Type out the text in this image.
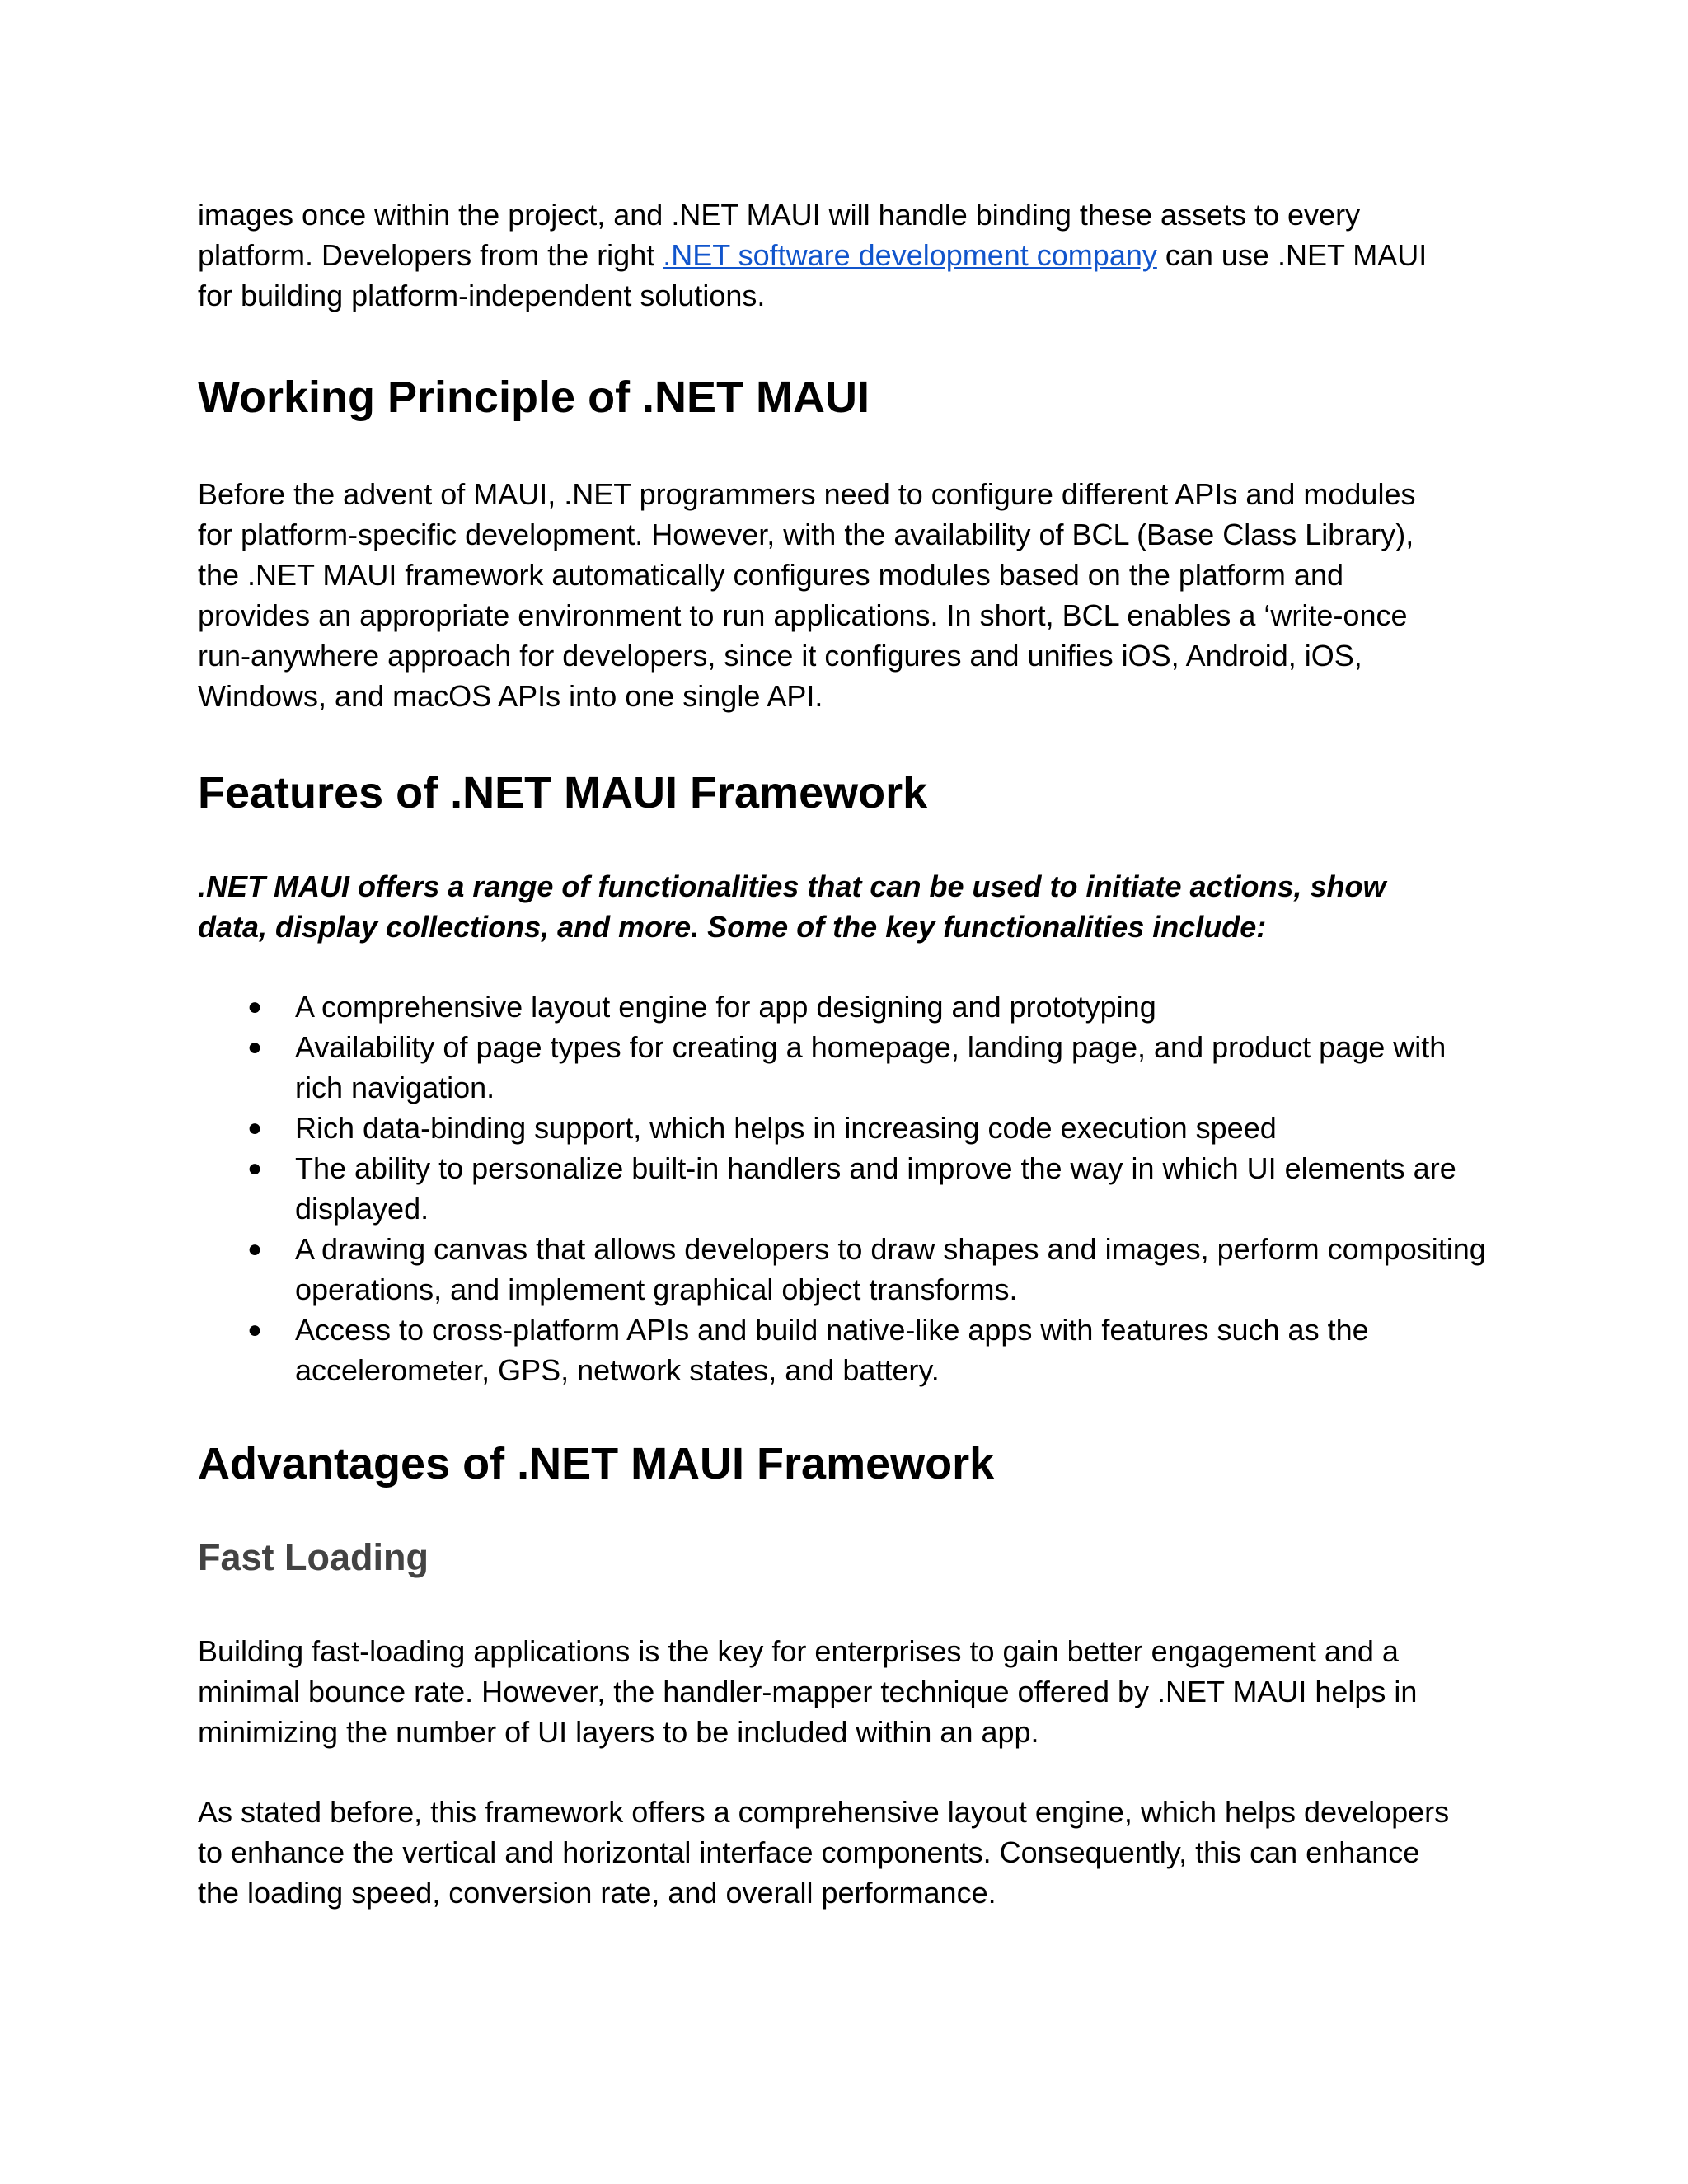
images once within the project, and .NET MAUI will handle binding these assets to every platform. Developers from the right .NET software development company can use .NET MAUI for building platform-independent solutions.

Working Principle of .NET MAUI

Before the advent of MAUI, .NET programmers need to configure different APIs and modules for platform-specific development. However, with the availability of BCL (Base Class Library), the .NET MAUI framework automatically configures modules based on the platform and provides an appropriate environment to run applications. In short, BCL enables a ‘write-once run-anywhere approach for developers, since it configures and unifies iOS, Android, iOS, Windows, and macOS APIs into one single API.

Features of .NET MAUI Framework

.NET MAUI offers a range of functionalities that can be used to initiate actions, show data, display collections, and more. Some of the key functionalities include:

● A comprehensive layout engine for app designing and prototyping
● Availability of page types for creating a homepage, landing page, and product page with rich navigation.
● Rich data-binding support, which helps in increasing code execution speed
● The ability to personalize built-in handlers and improve the way in which UI elements are displayed.
● A drawing canvas that allows developers to draw shapes and images, perform compositing operations, and implement graphical object transforms.
● Access to cross-platform APIs and build native-like apps with features such as the accelerometer, GPS, network states, and battery.
Advantages of .NET MAUI Framework
Fast Loading

Building fast-loading applications is the key for enterprises to gain better engagement and a minimal bounce rate. However, the handler-mapper technique offered by .NET MAUI helps in minimizing the number of UI layers to be included within an app.

As stated before, this framework offers a comprehensive layout engine, which helps developers to enhance the vertical and horizontal interface components. Consequently, this can enhance the loading speed, conversion rate, and overall performance.
